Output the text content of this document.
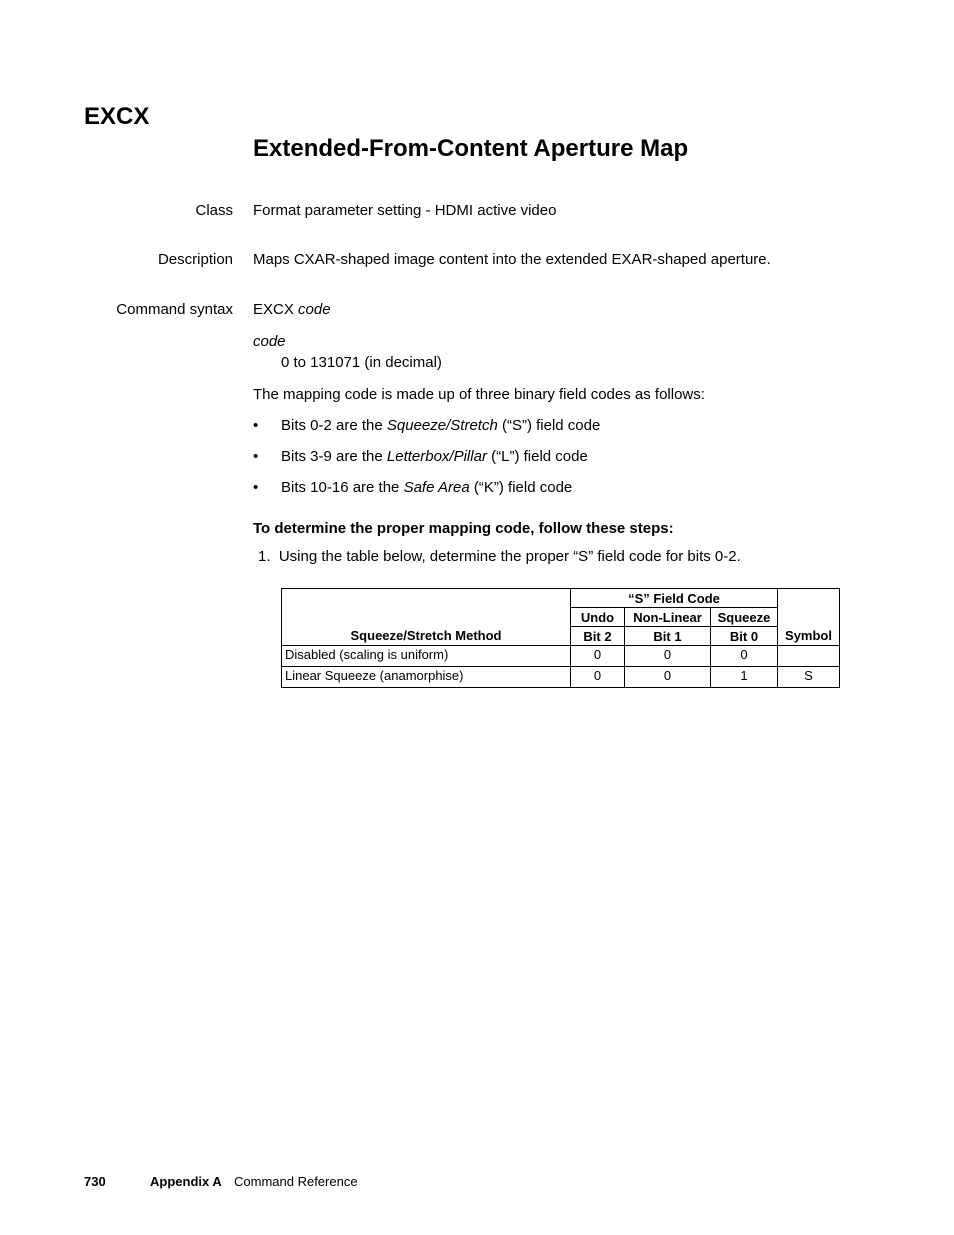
EXCX
Extended-From-Content Aperture Map
Class Format parameter setting - HDMI active video
Description Maps CXAR-shaped image content into the extended EXAR-shaped aperture.
Command syntax EXCX code
code
0 to 131071 (in decimal)
The mapping code is made up of three binary field codes as follows:
• Bits 0-2 are the Squeeze/Stretch (“S”) field code
• Bits 3-9 are the Letterbox/Pillar (“L”) field code
• Bits 10-16 are the Safe Area (“K”) field code
To determine the proper mapping code, follow these steps:
1.  Using the table below, determine the proper “S” field code for bits 0-2.
Squeeze/Stretch Method	“S” Field Code			Symbol
	Undo	Non-Linear	Squeeze	
	Bit 2	Bit 1	Bit 0	
Disabled (scaling is uniform)	0	0	0	
Linear Squeeze (anamorphise)	0	0	1	S
730	Appendix A Command Reference
